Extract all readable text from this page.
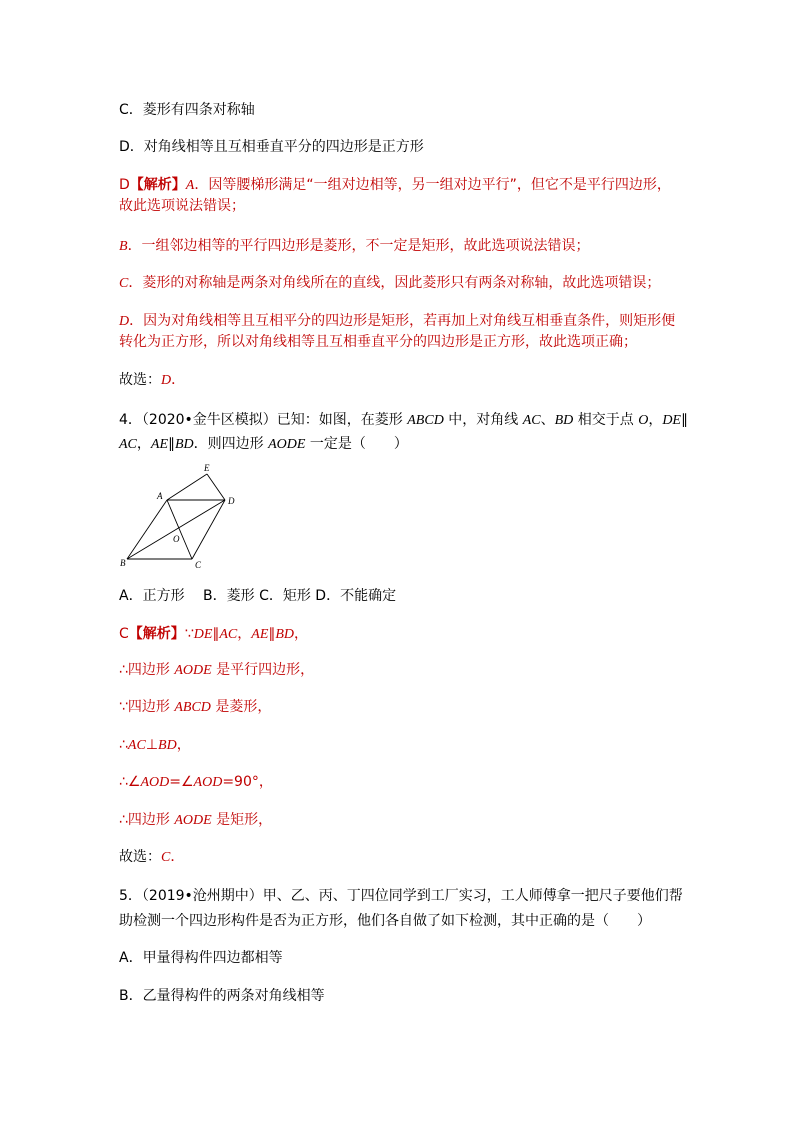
C．菱形有四条对称轴
D．对角线相等且互相垂直平分的四边形是正方形
D【解析】A．因等腰梯形满足“一组对边相等，另一组对边平行”，但它不是平行四边形，
故此选项说法错误；
B．一组邻边相等的平行四边形是菱形，不一定是矩形，故此选项说法错误；
C．菱形的对称轴是两条对角线所在的直线，因此菱形只有两条对称轴，故此选项错误；
D．因为对角线相等且互相平分的四边形是矩形，若再加上对角线互相垂直条件，则矩形便
转化为正方形，所以对角线相等且互相垂直平分的四边形是正方形，故此选项正确；
故选：D．
4．（2020•金牛区模拟）已知：如图，在菱形 ABCD 中，对角线 AC、BD 相交于点 O，DE∥
AC，AE∥BD．则四边形 AODE 一定是（　　）
A
B	C
D
E
O
A．正方形　 B．菱形 C．矩形 D．不能确定
C【解析】∵DE∥AC，AE∥BD，
∴四边形 AODE 是平行四边形，
∵四边形 ABCD 是菱形，
∴AC⊥BD，
∴∠AOD=∠AOD=90°，
∴四边形 AODE 是矩形，
故选：C．
5．（2019•沧州期中）甲、乙、丙、丁四位同学到工厂实习，工人师傅拿一把尺子要他们帮
助检测一个四边形构件是否为正方形，他们各自做了如下检测，其中正确的是（　　）
A．甲量得构件四边都相等
B．乙量得构件的两条对角线相等
